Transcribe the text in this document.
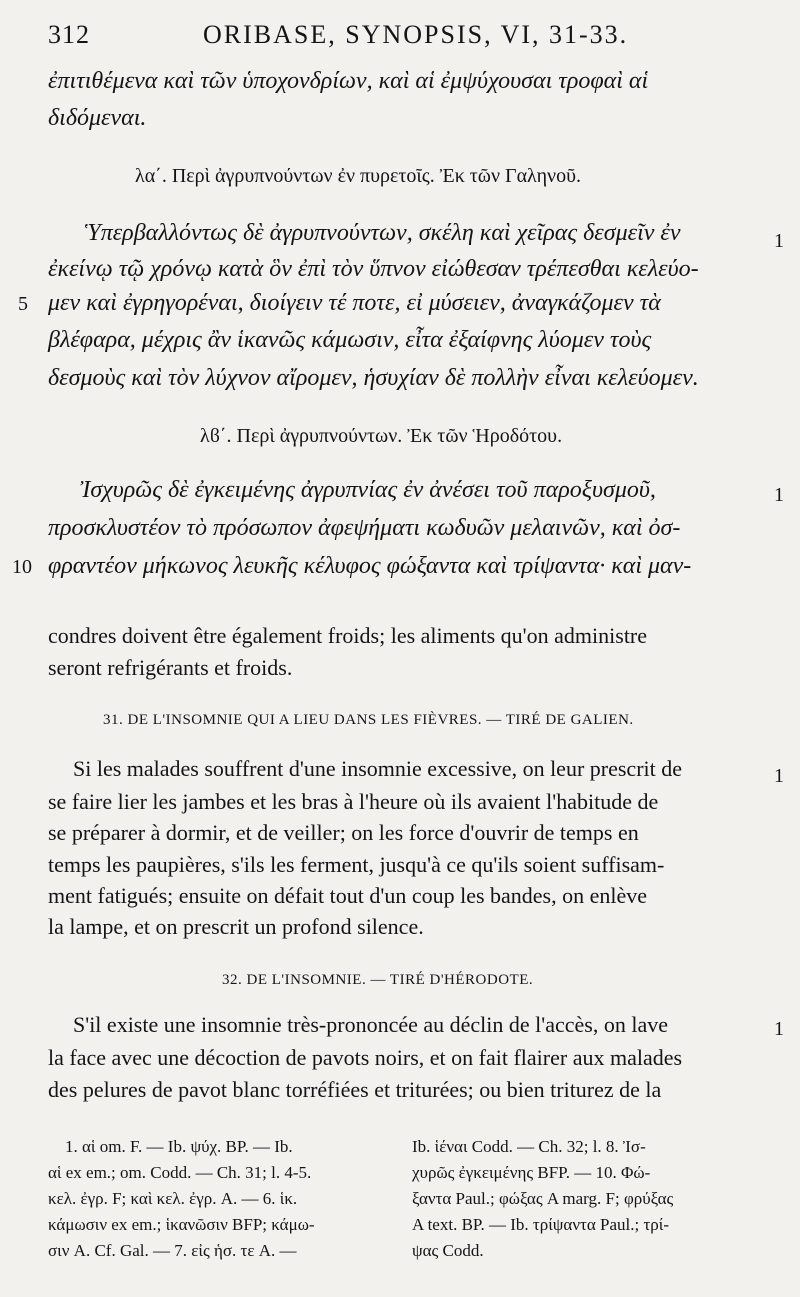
312	ORIBASE, SYNOPSIS, VI, 31-33.
ἐπιτιθέμενα καὶ τῶν ὑποχονδρίων, καὶ αἱ ἐμψύχουσαι τροφαὶ αἱ
διδόμεναι.
λα΄. Περὶ ἀγρυπνούντων ἐν πυρετοῖς. Ἐκ τῶν Γαληνοῦ.
Ὑπερβαλλόντως δὲ ἀγρυπνούντων, σκέλη καὶ χεῖρας δεσμεῖν ἐν
ἐκείνῳ τῷ χρόνῳ κατὰ ὃν ἐπὶ τὸν ὕπνον εἰώθεσαν τρέπεσθαι κελεύο-
μεν καὶ ἐγρηγορέναι, διοίγειν τέ ποτε, εἰ μύσειεν, ἀναγκάζομεν τὰ
βλέφαρα, μέχρις ἂν ἱκανῶς κάμωσιν, εἶτα ἐξαίφνης λύομεν τοὺς
δεσμοὺς καὶ τὸν λύχνον αἴρομεν, ἡσυχίαν δὲ πολλὴν εἶναι κελεύομεν.
λϐ΄. Περὶ ἀγρυπνούντων. Ἐκ τῶν Ἡροδότου.
Ἰσχυρῶς δὲ ἐγκειμένης ἀγρυπνίας ἐν ἀνέσει τοῦ παροξυσμοῦ,
προσκλυστέον τὸ πρόσωπον ἀφεψήματι κωδυῶν μελαινῶν, καὶ ὀσ-
φραντέον μήκωνος λευκῆς κέλυφος φώξαντα καὶ τρίψαντα· καὶ μαν-
5
10
1
1
1
1
condres doivent être également froids; les aliments qu'on administre
seront refrigérants et froids.
31. DE L'INSOMNIE QUI A LIEU DANS LES FIÈVRES. — TIRÉ DE GALIEN.
Si les malades souffrent d'une insomnie excessive, on leur prescrit de
se faire lier les jambes et les bras à l'heure où ils avaient l'habitude de
se préparer à dormir, et de veiller; on les force d'ouvrir de temps en
temps les paupières, s'ils les ferment, jusqu'à ce qu'ils soient suffisam-
ment fatigués; ensuite on défait tout d'un coup les bandes, on enlève
la lampe, et on prescrit un profond silence.
32. DE L'INSOMNIE. — TIRÉ D'HÉRODOTE.
S'il existe une insomnie très-prononcée au déclin de l'accès, on lave
la face avec une décoction de pavots noirs, et on fait flairer aux malades
des pelures de pavot blanc torréfiées et triturées; ou bien triturez de la
1. αἱ om. F. — Ib. ψύχ. BP. — Ib.
αἱ ex em.; om. Codd. — Ch. 31; l. 4-5.
κελ. ἐγρ. F; καὶ κελ. ἐγρ. A. — 6. ἱκ.
κάμωσιν ex em.; ἱκανῶσιν BFP; κάμω-
σιν A. Cf. Gal. — 7. εἰς ἡσ. τε A. —
Ib. ἱέναι Codd. — Ch. 32; l. 8. Ἰσ-
χυρῶς ἐγκειμένης BFP. — 10. Φώ-
ξαντα Paul.; φώξας A marg. F; φρύξας
A text. BP. — Ib. τρίψαντα Paul.; τρί-
ψας Codd.
